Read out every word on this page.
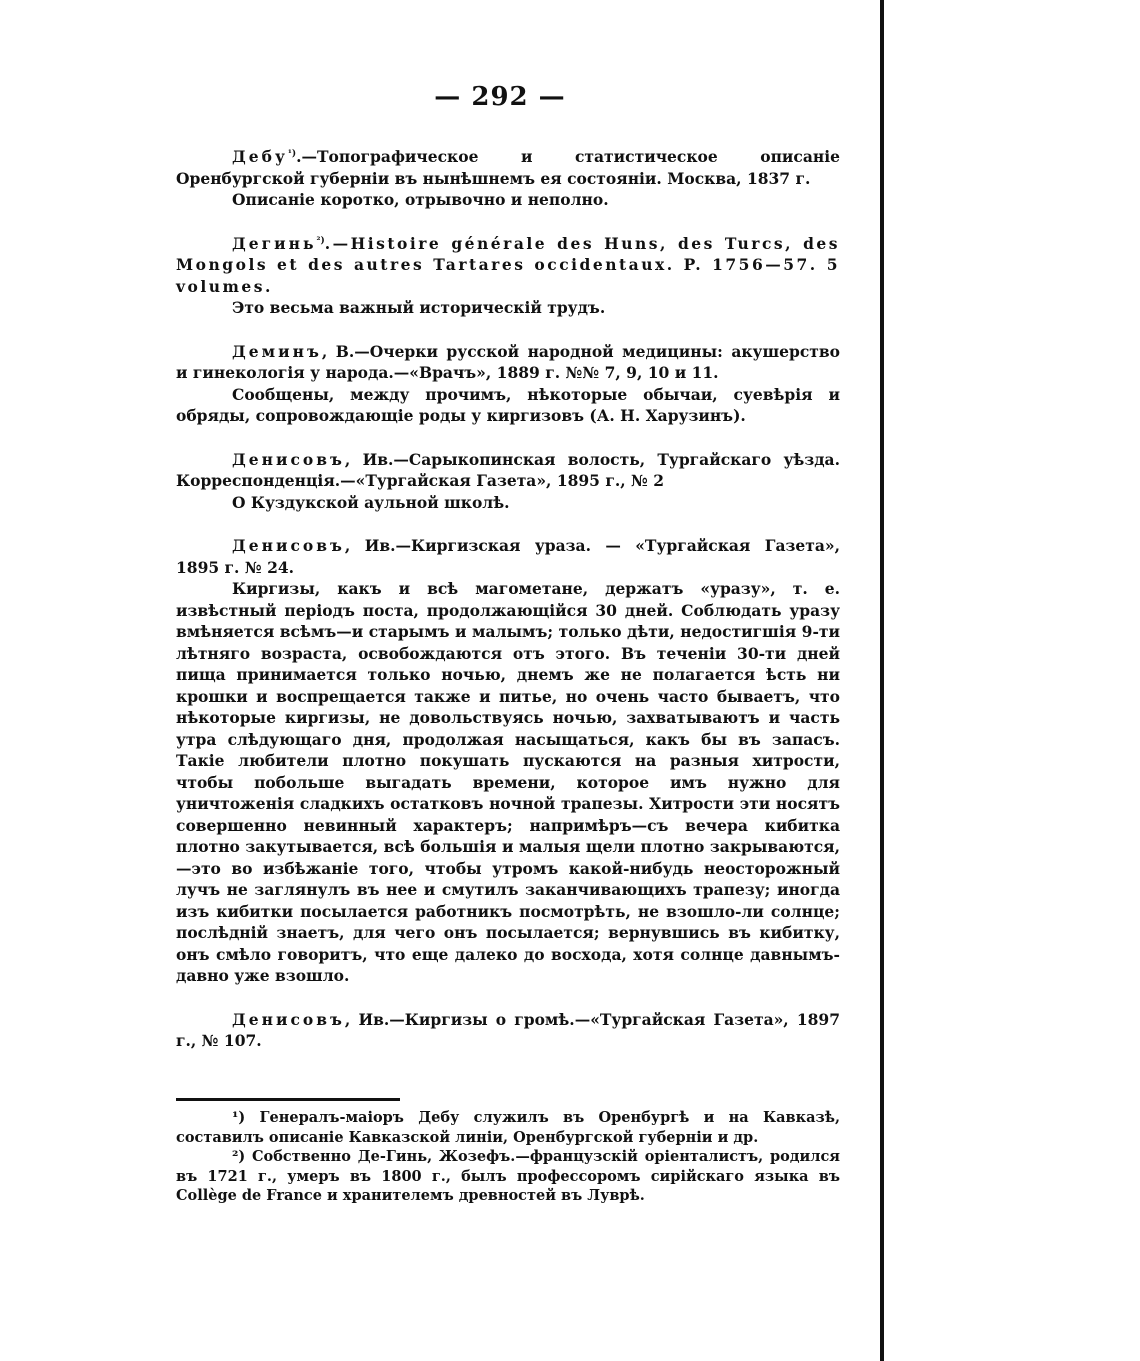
— 292 —

Дебу$^{^1)}$.—Топографическое и статистическое описаніе Оренбургской губерніи въ нынѣшнемъ ея состояніи. Москва, 1837 г.

Описаніе коротко, отрывочно и неполно.

Дегинь$^{^2)}$.—Histoire générale des Huns, des Turcs, des Mongols et des autres Tartares occidentaux. P. 1756—57. 5 volumes.

Это весьма важный историческій трудъ.

Деминъ, В.—Очерки русской народной медицины: акушерство и гинекологія у народа.—«Врачъ», 1889 г. №№ 7, 9, 10 и 11.

Сообщены, между прочимъ, нѣкоторые обычаи, суевѣрія и обряды, сопровождающіе роды у киргизовъ (А. Н. Харузинъ).

Денисовъ, Ив.—Сарыкопинская волость, Тургайскаго уѣзда. Корреспонденція.—«Тургайская Газета», 1895 г., № 2

О Куздукской аульной школѣ.

Денисовъ, Ив.—Киргизская ураза. — «Тургайская Газета», 1895 г. № 24.

Киргизы, какъ и всѣ магометане, держатъ «уразу», т. е. извѣстный періодъ поста, продолжающійся 30 дней. Соблюдать уразу вмѣняется всѣмъ—и старымъ и малымъ; только дѣти, недостигшія 9-ти лѣтняго возраста, освобождаются отъ этого. Въ теченіи 30-ти дней пища принимается только ночью, днемъ же не полагается ѣсть ни крошки и воспрещается также и питье, но очень часто бываетъ, что нѣкоторые киргизы, не довольствуясь ночью, захватываютъ и часть утра слѣдующаго дня, продолжая насыщаться, какъ бы въ запасъ. Такіе любители плотно покушать пускаются на разныя хитрости, чтобы побольше выгадать времени, которое имъ нужно для уничтоженія сладкихъ остатковъ ночной трапезы. Хитрости эти носятъ совершенно невинный характеръ; напримѣръ—съ вечера кибитка плотно закутывается, всѣ большія и малыя щели плотно закрываются,—это во избѣжаніе того, чтобы утромъ какой-нибудь неосторожный лучъ не заглянулъ въ нее и смутилъ заканчивающихъ трапезу; иногда изъ кибитки посылается работникъ посмотрѣть, не взошло-ли солнце; послѣдній знаетъ, для чего онъ посылается; вернувшись въ кибитку, онъ смѣло говоритъ, что еще далеко до восхода, хотя солнце давнымъ-давно уже взошло.

Денисовъ, Ив.—Киргизы о громѣ.—«Тургайская Газета», 1897 г., № 107.

¹) Генералъ-маіоръ Дебу служилъ въ Оренбургѣ и на Кавказѣ, составилъ описаніе Кавказской линіи, Оренбургской губерніи и др.

²) Собственно Де-Гинь, Жозефъ.—французскій оріенталистъ, родился въ 1721 г., умеръ въ 1800 г., былъ профессоромъ сирійскаго языка въ Collège de France и хранителемъ древностей въ Луврѣ.
